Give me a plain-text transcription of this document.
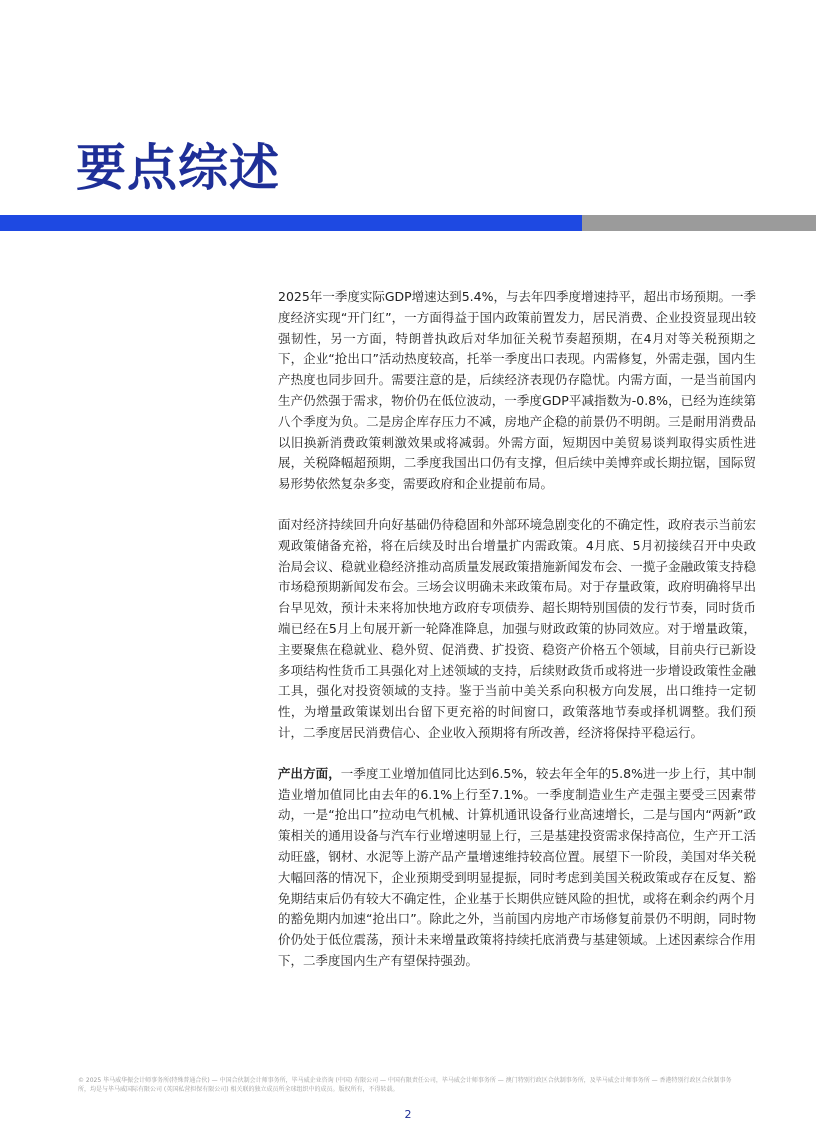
要点综述

2025年一季度实际GDP增速达到5.4%，与去年四季度增速持平，超出市场预期。一季度经济实现“开门红”，一方面得益于国内政策前置发力，居民消费、企业投资显现出较强韧性，另一方面，特朗普执政后对华加征关税节奏超预期，在4月对等关税预期之下，企业“抢出口”活动热度较高，托举一季度出口表现。内需修复，外需走强，国内生产热度也同步回升。需要注意的是，后续经济表现仍存隐忧。内需方面，一是当前国内生产仍然强于需求，物价仍在低位波动，一季度GDP平减指数为-0.8%，已经为连续第八个季度为负。二是房企库存压力不减，房地产企稳的前景仍不明朗。三是耐用消费品以旧换新消费政策刺激效果或将减弱。外需方面，短期因中美贸易谈判取得实质性进展，关税降幅超预期，二季度我国出口仍有支撑，但后续中美博弈或长期拉锯，国际贸易形势依然复杂多变，需要政府和企业提前布局。

面对经济持续回升向好基础仍待稳固和外部环境急剧变化的不确定性，政府表示当前宏观政策储备充裕，将在后续及时出台增量扩内需政策。4月底、5月初接续召开中央政治局会议、稳就业稳经济推动高质量发展政策措施新闻发布会、一揽子金融政策支持稳市场稳预期新闻发布会。三场会议明确未来政策布局。对于存量政策，政府明确将早出台早见效，预计未来将加快地方政府专项债券、超长期特别国债的发行节奏，同时货币端已经在5月上旬展开新一轮降准降息，加强与财政政策的协同效应。对于增量政策，主要聚焦在稳就业、稳外贸、促消费、扩投资、稳资产价格五个领域，目前央行已新设多项结构性货币工具强化对上述领域的支持，后续财政货币或将进一步增设政策性金融工具，强化对投资领域的支持。鉴于当前中美关系向积极方向发展，出口维持一定韧性，为增量政策谋划出台留下更充裕的时间窗口，政策落地节奏或择机调整。我们预计，二季度居民消费信心、企业收入预期将有所改善，经济将保持平稳运行。

产出方面，一季度工业增加值同比达到6.5%，较去年全年的5.8%进一步上行，其中制造业增加值同比由去年的6.1%上行至7.1%。一季度制造业生产走强主要受三因素带动，一是“抢出口”拉动电气机械、计算机通讯设备行业高速增长，二是与国内“两新”政策相关的通用设备与汽车行业增速明显上行，三是基建投资需求保持高位，生产开工活动旺盛，钢材、水泥等上游产品产量增速维持较高位置。展望下一阶段，美国对华关税大幅回落的情况下，企业预期受到明显提振，同时考虑到美国关税政策或存在反复、豁免期结束后仍有较大不确定性，企业基于长期供应链风险的担忧，或将在剩余约两个月的豁免期内加速“抢出口”。除此之外，当前国内房地产市场修复前景仍不明朗，同时物价仍处于低位震荡，预计未来增量政策将持续托底消费与基建领域。上述因素综合作用下，二季度国内生产有望保持强劲。

© 2025 毕马威华振会计师事务所(特殊普通合伙) — 中国合伙制会计师事务所，毕马威企业咨询 (中国) 有限公司 — 中国有限责任公司，毕马威会计师事务所 — 澳门特别行政区合伙制事务所，及毕马威会计师事务所 — 香港特别行政区合伙制事务所，均是与毕马威国际有限公司 (英国私营担保有限公司) 相关联的独立成员所全球组织中的成员。版权所有，不得转载。
2
